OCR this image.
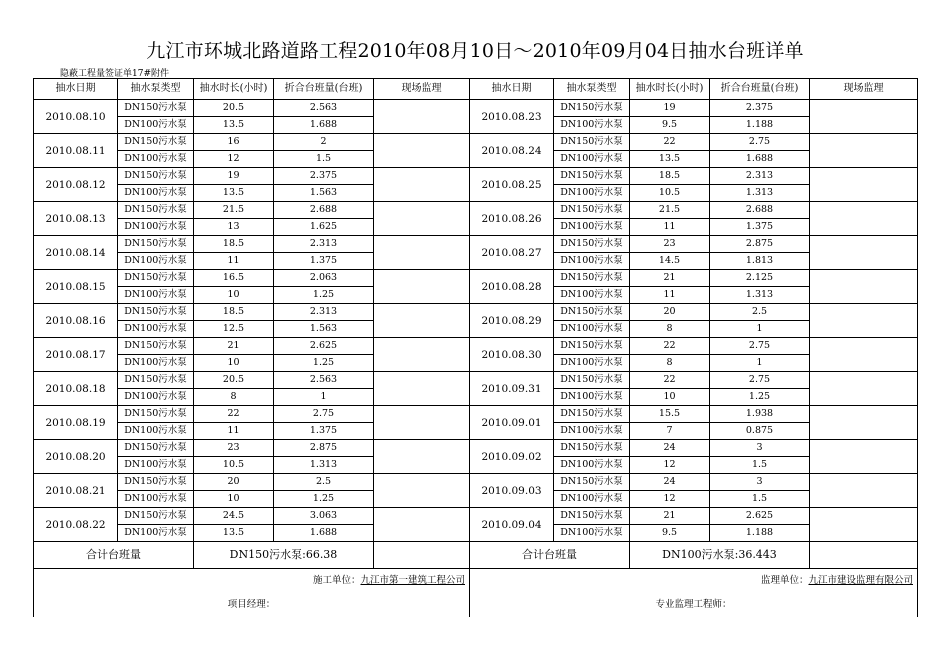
九江市环城北路道路工程2010年08月10日～2010年09月04日抽水台班详单
隐蔽工程量签证单17#附件
抽水日期	抽水泵类型	抽水时长(小时)	折合台班量(台班)	现场监理	抽水日期	抽水泵类型	抽水时长(小时)	折合台班量(台班)	现场监理
2010.08.10	DN150污水泵	20.5	2.563		2010.08.23	DN150污水泵	19	2.375	
	DN100污水泵	13.5	1.688			DN100污水泵	9.5	1.188	
2010.08.11	DN150污水泵	16	2		2010.08.24	DN150污水泵	22	2.75	
	DN100污水泵	12	1.5			DN100污水泵	13.5	1.688	
2010.08.12	DN150污水泵	19	2.375		2010.08.25	DN150污水泵	18.5	2.313	
	DN100污水泵	13.5	1.563			DN100污水泵	10.5	1.313	
2010.08.13	DN150污水泵	21.5	2.688		2010.08.26	DN150污水泵	21.5	2.688	
	DN100污水泵	13	1.625			DN100污水泵	11	1.375	
2010.08.14	DN150污水泵	18.5	2.313		2010.08.27	DN150污水泵	23	2.875	
	DN100污水泵	11	1.375			DN100污水泵	14.5	1.813	
2010.08.15	DN150污水泵	16.5	2.063		2010.08.28	DN150污水泵	21	2.125	
	DN100污水泵	10	1.25			DN100污水泵	11	1.313	
2010.08.16	DN150污水泵	18.5	2.313		2010.08.29	DN150污水泵	20	2.5	
	DN100污水泵	12.5	1.563			DN100污水泵	8	1	
2010.08.17	DN150污水泵	21	2.625		2010.08.30	DN150污水泵	22	2.75	
	DN100污水泵	10	1.25			DN100污水泵	8	1	
2010.08.18	DN150污水泵	20.5	2.563		2010.09.31	DN150污水泵	22	2.75	
	DN100污水泵	8	1			DN100污水泵	10	1.25	
2010.08.19	DN150污水泵	22	2.75		2010.09.01	DN150污水泵	15.5	1.938	
	DN100污水泵	11	1.375			DN100污水泵	7	0.875	
2010.08.20	DN150污水泵	23	2.875		2010.09.02	DN150污水泵	24	3	
	DN100污水泵	10.5	1.313			DN100污水泵	12	1.5	
2010.08.21	DN150污水泵	20	2.5		2010.09.03	DN150污水泵	24	3	
	DN100污水泵	10	1.25			DN100污水泵	12	1.5	
2010.08.22	DN150污水泵	24.5	3.063		2010.09.04	DN150污水泵	21	2.625	
	DN100污水泵	13.5	1.688			DN100污水泵	9.5	1.188	
合计台班量		DN150污水泵:66.38			合计台班量		DN100污水泵:36.443		
施工单位：九江市第一建筑工程公司					监理单位：九江市建设监理有限公司				
项目经理：					专业监理工程师：				
